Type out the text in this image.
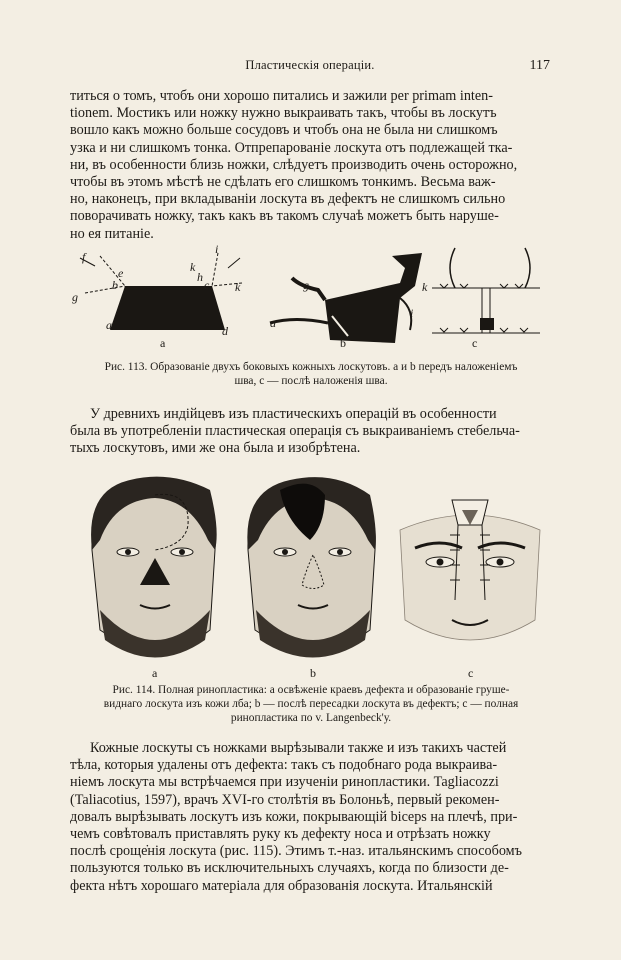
Пластическія операціи.	117

титься о томъ, чтобъ они хорошо питались и зажили per primam inten-

tionem. Мостикъ или ножку нужно выкраивать такъ, чтобы въ лоскутъ

вошло какъ можно больше сосудовъ и чтобъ она не была ни слишкомъ

узка и ни слишкомъ тонка. Отпрепарованіе лоскута отъ подлежащей тка-

ни, въ особенности близь ножки, слѣдуетъ производить очень осторожно,

чтобы въ этомъ мѣстѣ не сдѣлать его слишкомъ тонкимъ. Весьма важ-

но, наконецъ, при вкладываніи лоскута въ дефектъ не слишкомъ сильно

поворачивать ножку, такъ какъ въ такомъ случаѣ можетъ быть наруше-

но ея питаніе.

f
g
e
b
a
i
k
h
c k
d
a
g	k
i
a	b	c
Рис. 113. Образованіе двухъ боковыхъ кожныхъ лоскутовъ. a и b передъ наложеніемъ
шва, c — послѣ наложенія шва.

У древнихъ индійцевъ изъ пластическихъ операцій въ особенности

была въ употребленіи пластическая операція съ выкраиваніемъ стебельча-

тыхъ лоскутовъ, ими же она была и изобрѣтена.

a	b	c
Рис. 114. Полная ринопластика: a освѣженіе краевъ дефекта и образованіе груше-
виднаго лоскута изъ кожи лба; b — послѣ пересадки лоскута въ дефектъ; c — полная
ринопластика по v. Langenbeck'у.

Кожные лоскуты съ ножками вырѣзывали также и изъ такихъ частей

тѣла, которыя удалены отъ дефекта: такъ съ подобнаго рода выкраива-

ніемъ лоскута мы встрѣчаемся при изученіи ринопластики. Tagliacozzi

(Taliacotius, 1597), врачъ XVI-го столѣтія въ Болоньѣ, первый рекомен-

довалъ вырѣзывать лоскутъ изъ кожи, покрывающій biceps на плечѣ, при-

чемъ совѣтовалъ приставлять руку къ дефекту носа и отрѣзать ножку

послѣ сроще̇нія лоскута (рис. 115). Этимъ т.-наз. итальянскимъ способомъ

пользуются только въ исключительныхъ случаяхъ, когда по близости де-

фекта нѣтъ хорошаго матеріала для образованія лоскута. Итальянскій
